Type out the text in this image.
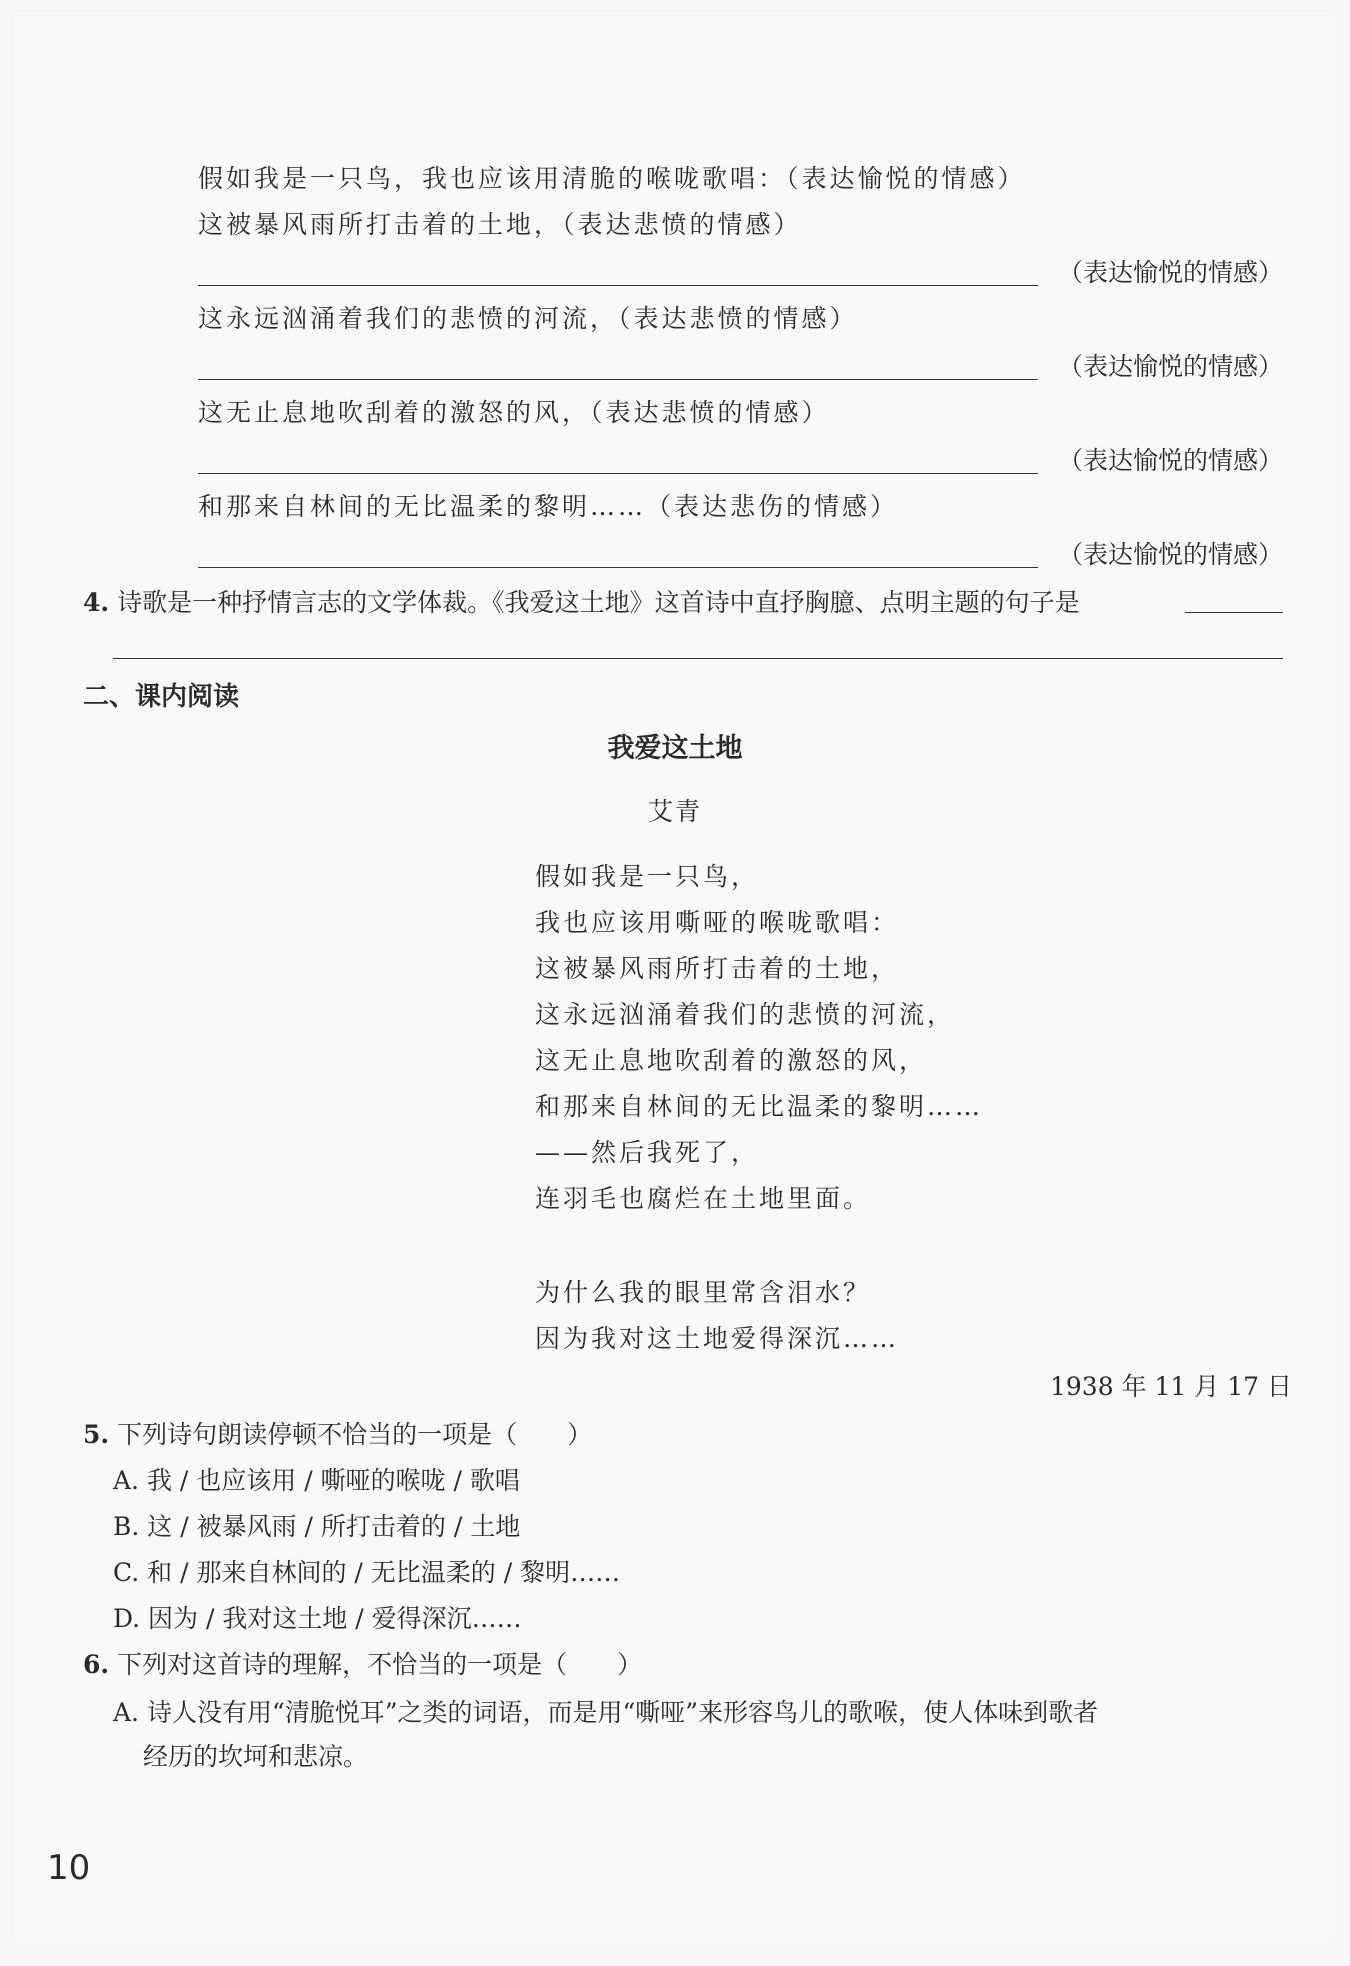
假如我是一只鸟，我也应该用清脆的喉咙歌唱：（表达愉悦的情感）
这被暴风雨所打击着的土地，（表达悲愤的情感）
（表达愉悦的情感）
这永远汹涌着我们的悲愤的河流，（表达悲愤的情感）
（表达愉悦的情感）
这无止息地吹刮着的激怒的风，（表达悲愤的情感）
（表达愉悦的情感）
和那来自林间的无比温柔的黎明……（表达悲伤的情感）
（表达愉悦的情感）
4. 诗歌是一种抒情言志的文学体裁。《我爱这土地》这首诗中直抒胸臆、点明主题的句子是
二、课内阅读
我爱这土地
艾青
假如我是一只鸟，
我也应该用嘶哑的喉咙歌唱：
这被暴风雨所打击着的土地，
这永远汹涌着我们的悲愤的河流，
这无止息地吹刮着的激怒的风，
和那来自林间的无比温柔的黎明……
——然后我死了，
连羽毛也腐烂在土地里面。
为什么我的眼里常含泪水？
因为我对这土地爱得深沉……
1938 年 11 月 17 日
5. 下列诗句朗读停顿不恰当的一项是（　　）
A. 我 / 也应该用 / 嘶哑的喉咙 / 歌唱
B. 这 / 被暴风雨 / 所打击着的 / 土地
C. 和 / 那来自林间的 / 无比温柔的 / 黎明……
D. 因为 / 我对这土地 / 爱得深沉……
6. 下列对这首诗的理解，不恰当的一项是（　　）
A. 诗人没有用“清脆悦耳”之类的词语，而是用“嘶哑”来形容鸟儿的歌喉，使人体味到歌者
经历的坎坷和悲凉。
10
